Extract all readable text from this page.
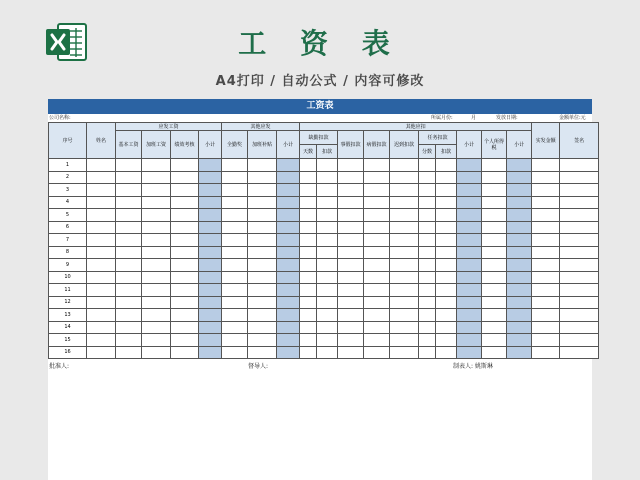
工 资 表
A4打印 / 自动公式 / 内容可修改
工资表
公司名称:	所属月份:	月	发放日期:	金额单位:元
序号	姓名	应发工资				其他应发			其他应扣										实发金额	签名
		基本工资	加班工资	绩效考核	小计	全勤奖	加班补贴	小计	缺勤扣款		事假扣款	病假扣款	迟到扣款	任务扣款		小计	个人所得税	小计		
									天数	扣款				分数	扣款					
1																				
2																				
3																				
4																				
5																				
6																				
7																				
8																				
9																				
10																				
11																				
12																				
13																				
14																				
15																				
16																				
批准人:	督导人:	制表人: 姚斯琳
